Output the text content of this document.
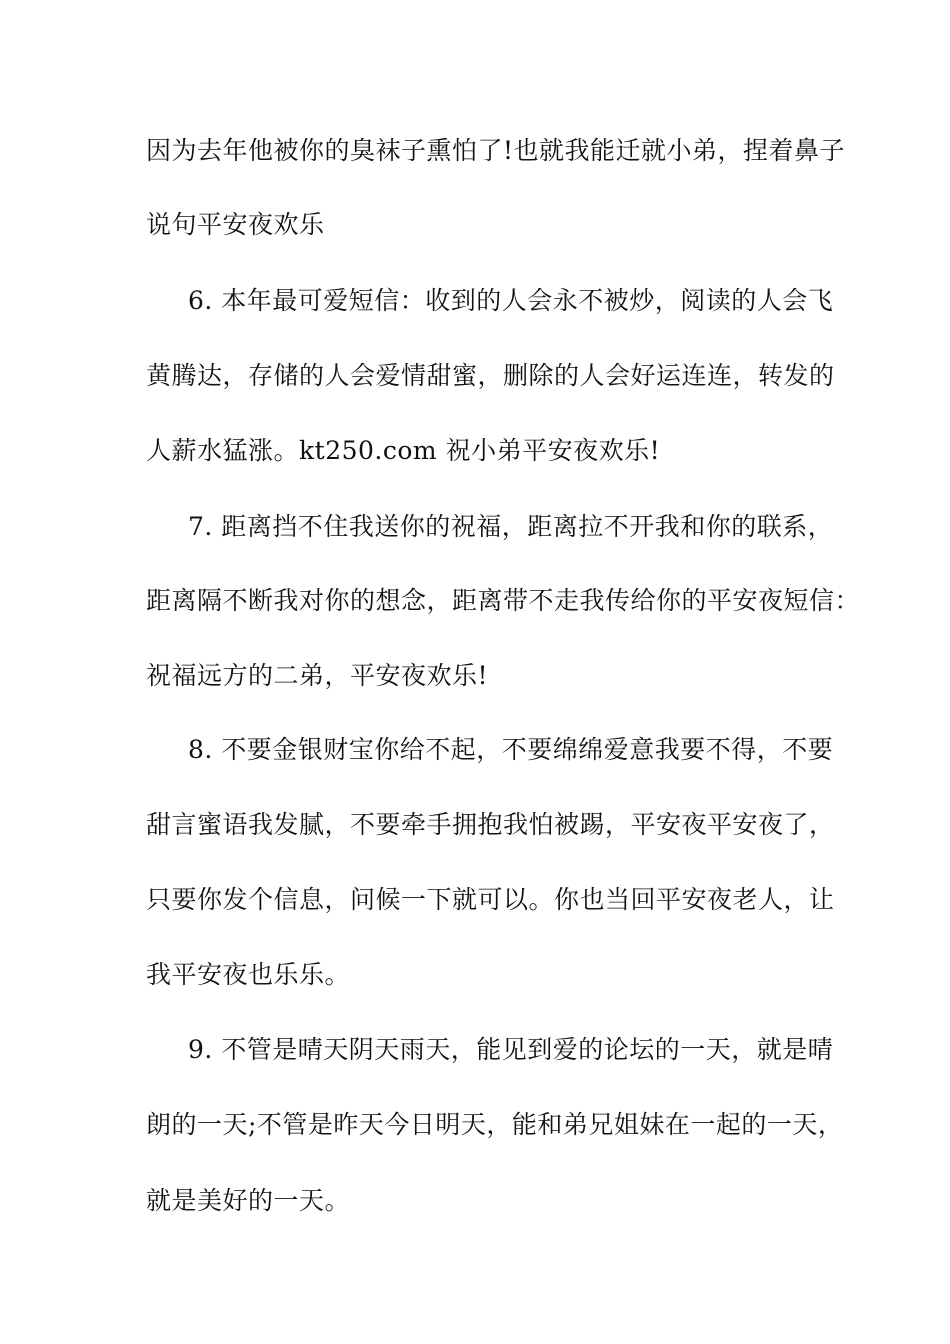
因为去年他被你的臭袜子熏怕了!也就我能迁就小弟，捏着鼻子
说句平安夜欢乐
6. 本年最可爱短信：收到的人会永不被炒，阅读的人会飞
黄腾达，存储的人会爱情甜蜜，删除的人会好运连连，转发的
人薪水猛涨。kt250.com 祝小弟平安夜欢乐!
7. 距离挡不住我送你的祝福，距离拉不开我和你的联系，
距离隔不断我对你的想念，距离带不走我传给你的平安夜短信：
祝福远方的二弟，平安夜欢乐!
8. 不要金银财宝你给不起，不要绵绵爱意我要不得，不要
甜言蜜语我发腻，不要牵手拥抱我怕被踢，平安夜平安夜了，
只要你发个信息，问候一下就可以。你也当回平安夜老人，让
我平安夜也乐乐。
9. 不管是晴天阴天雨天，能见到爱的论坛的一天，就是晴
朗的一天;不管是昨天今日明天，能和弟兄姐妹在一起的一天，
就是美好的一天。
